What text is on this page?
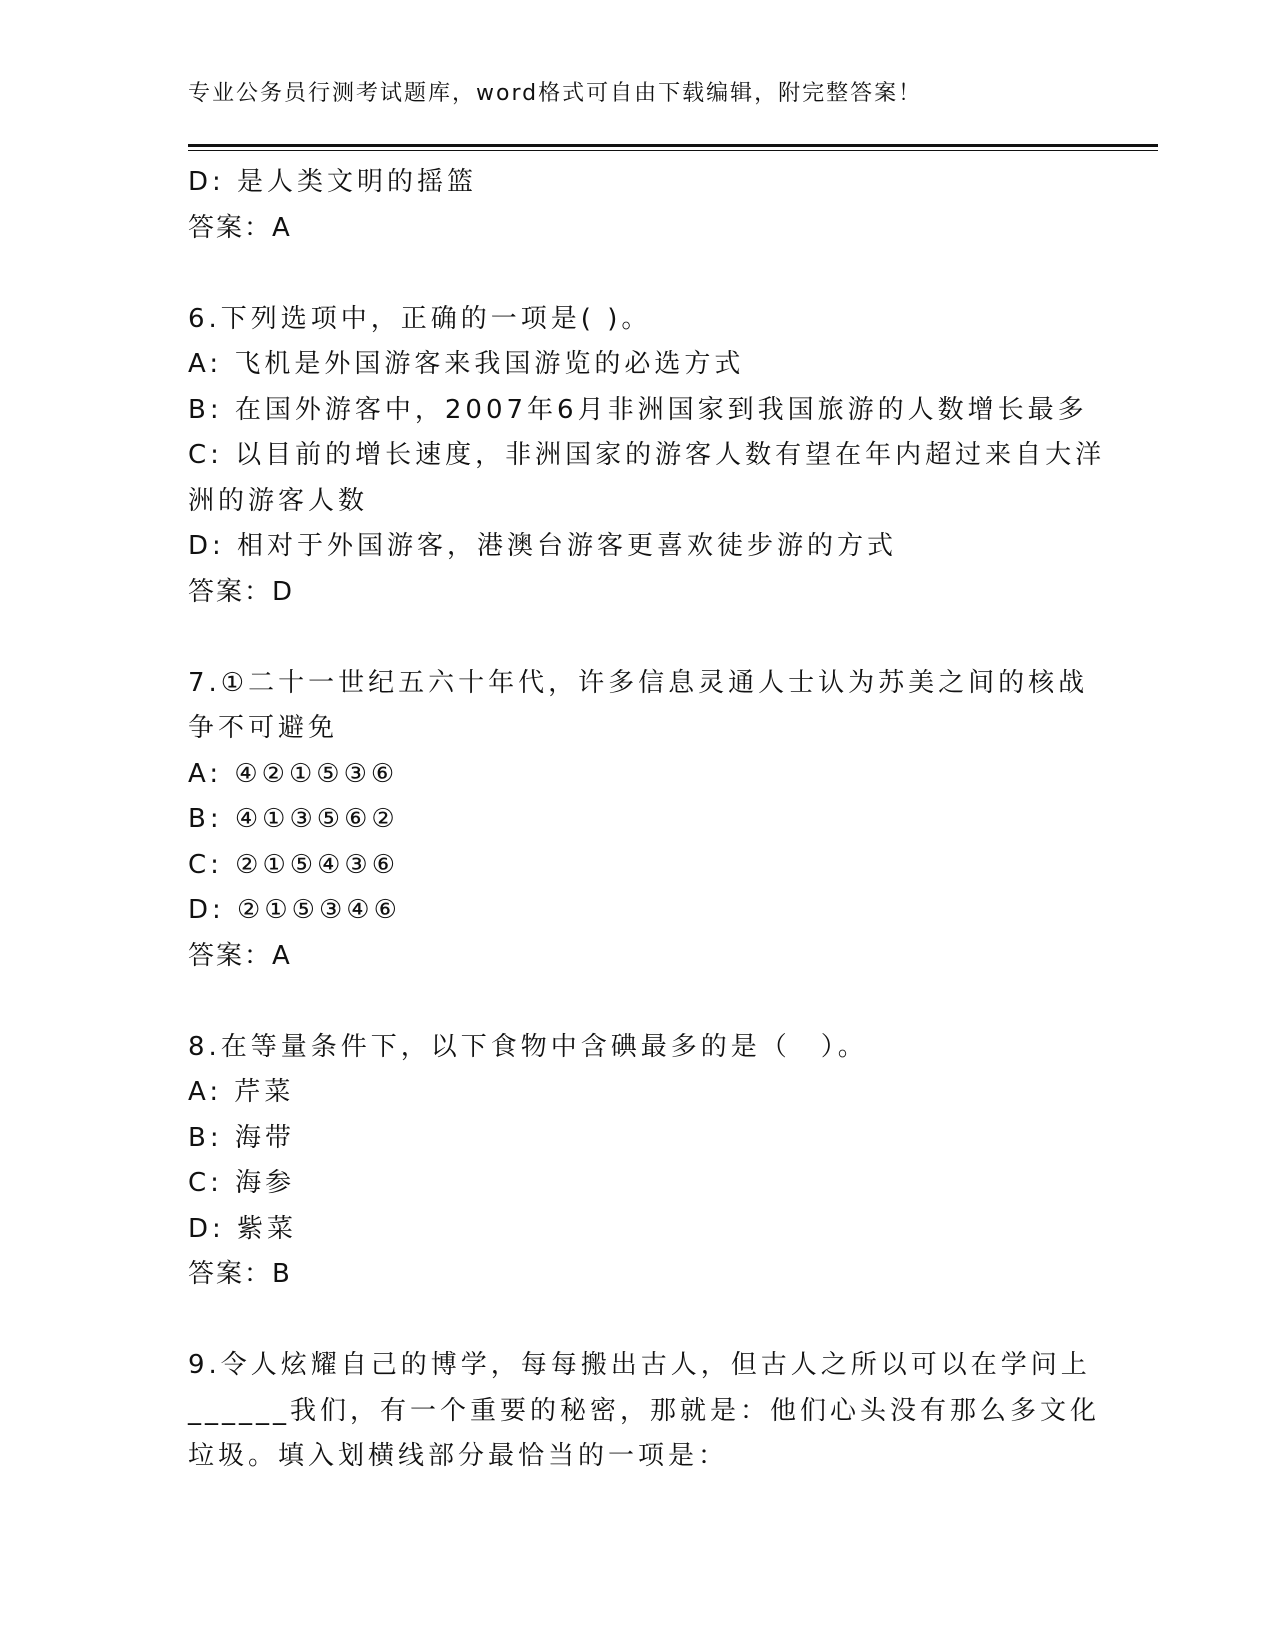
专业公务员行测考试题库，word格式可自由下载编辑，附完整答案！
D: 是人类文明的摇篮
答案：A
6.下列选项中，正确的一项是( )。
A: 飞机是外国游客来我国游览的必选方式
B: 在国外游客中，2007年6月非洲国家到我国旅游的人数增长最多
C: 以目前的增长速度，非洲国家的游客人数有望在年内超过来自大洋
洲的游客人数
D: 相对于外国游客，港澳台游客更喜欢徒步游的方式
答案：D
7.①二十一世纪五六十年代，许多信息灵通人士认为苏美之间的核战
争不可避免
A: ④②①⑤③⑥
B: ④①③⑤⑥②
C: ②①⑤④③⑥
D: ②①⑤③④⑥
答案：A
8.在等量条件下，以下食物中含碘最多的是（　）。
A: 芹菜
B: 海带
C: 海参
D: 紫菜
答案：B
9.令人炫耀自己的博学，每每搬出古人，但古人之所以可以在学问上
______我们，有一个重要的秘密，那就是：他们心头没有那么多文化
垃圾。填入划横线部分最恰当的一项是：
